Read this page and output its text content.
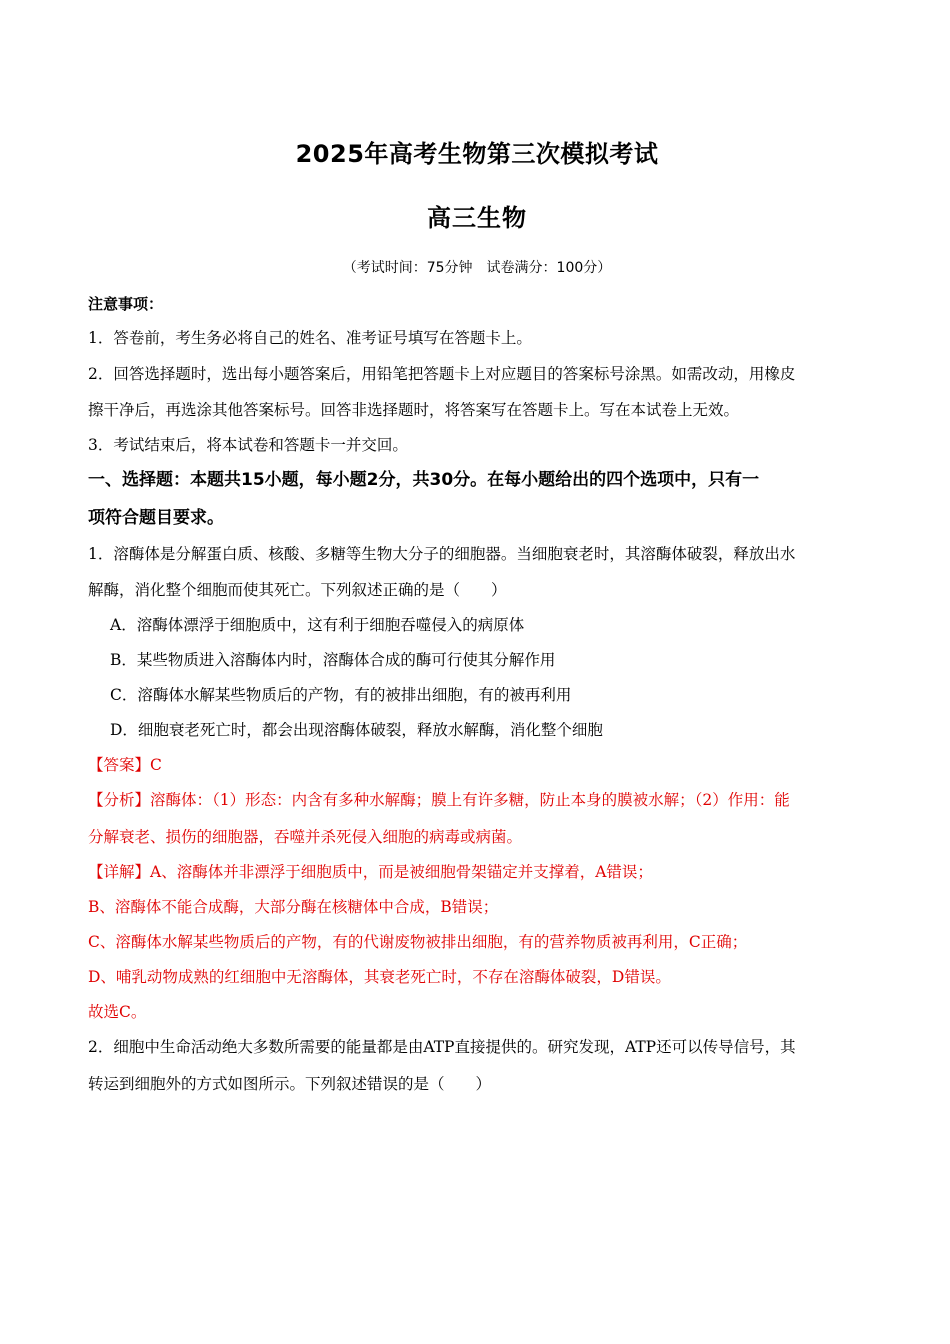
2025年高考生物第三次模拟考试
高三生物
（考试时间：75分钟　试卷满分：100分）
注意事项：
1．答卷前，考生务必将自己的姓名、准考证号填写在答题卡上。
2．回答选择题时，选出每小题答案后，用铅笔把答题卡上对应题目的答案标号涂黑。如需改动，用橡皮
擦干净后，再选涂其他答案标号。回答非选择题时，将答案写在答题卡上。写在本试卷上无效。
3．考试结束后，将本试卷和答题卡一并交回。
一、选择题：本题共15小题，每小题2分，共30分。在每小题给出的四个选项中，只有一
项符合题目要求。
1．溶酶体是分解蛋白质、核酸、多糖等生物大分子的细胞器。当细胞衰老时，其溶酶体破裂，释放出水
解酶，消化整个细胞而使其死亡。下列叙述正确的是（　　）
A．溶酶体漂浮于细胞质中，这有利于细胞吞噬侵入的病原体
B．某些物质进入溶酶体内时，溶酶体合成的酶可行使其分解作用
C．溶酶体水解某些物质后的产物，有的被排出细胞，有的被再利用
D．细胞衰老死亡时，都会出现溶酶体破裂，释放水解酶，消化整个细胞
【答案】C
【分析】溶酶体：（1）形态：内含有多种水解酶；膜上有许多糖，防止本身的膜被水解；（2）作用：能
分解衰老、损伤的细胞器，吞噬并杀死侵入细胞的病毒或病菌。
【详解】A、溶酶体并非漂浮于细胞质中，而是被细胞骨架锚定并支撑着，A错误；
B、溶酶体不能合成酶，大部分酶在核糖体中合成，B错误；
C、溶酶体水解某些物质后的产物，有的代谢废物被排出细胞，有的营养物质被再利用，C正确；
D、哺乳动物成熟的红细胞中无溶酶体，其衰老死亡时，不存在溶酶体破裂，D错误。
故选C。
2．细胞中生命活动绝大多数所需要的能量都是由ATP直接提供的。研究发现，ATP还可以传导信号，其
转运到细胞外的方式如图所示。下列叙述错误的是（　　）
